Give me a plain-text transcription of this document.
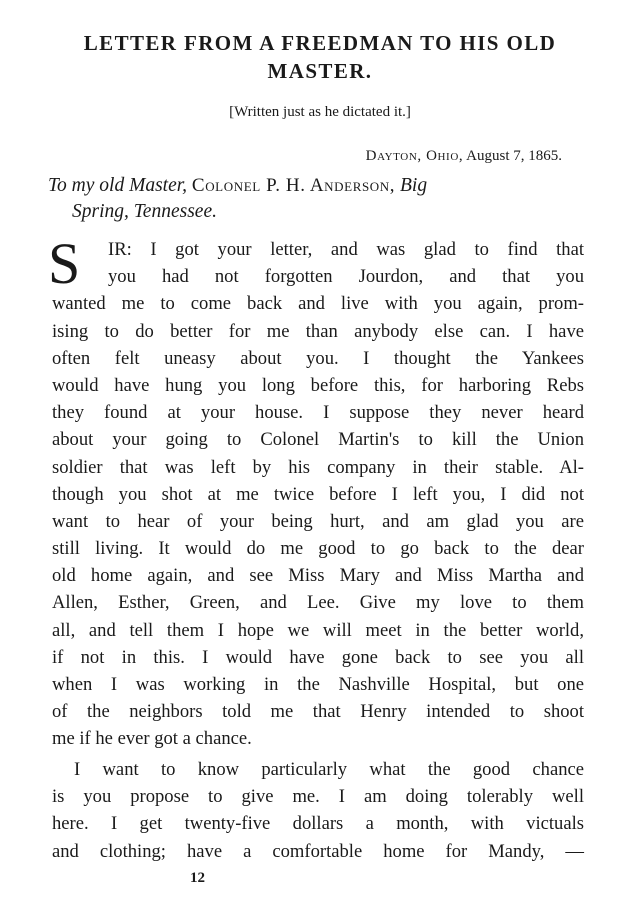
LETTER FROM A FREEDMAN TO HIS OLD
MASTER.

[Written just as he dictated it.]

Dayton, Ohio, August 7, 1865.
To my old Master, Colonel P. H. Anderson, Big
Spring, Tennessee.
S	IR: I got your letter, and was glad to find that
you had not forgotten Jourdon, and that you
wanted me to come back and live with you again, prom-
ising to do better for me than anybody else can. I have
often felt uneasy about you. I thought the Yankees
would have hung you long before this, for harboring Rebs
they found at your house. I suppose they never heard
about your going to Colonel Martin's to kill the Union
soldier that was left by his company in their stable. Al-
though you shot at me twice before I left you, I did not
want to hear of your being hurt, and am glad you are
still living. It would do me good to go back to the dear
old home again, and see Miss Mary and Miss Martha and
Allen, Esther, Green, and Lee. Give my love to them
all, and tell them I hope we will meet in the better world,
if not in this. I would have gone back to see you all
when I was working in the Nashville Hospital, but one
of the neighbors told me that Henry intended to shoot
me if he ever got a chance.
I want to know particularly what the good chance
is you propose to give me. I am doing tolerably well
here. I get twenty-five dollars a month, with victuals
and clothing; have a comfortable home for Mandy, —
12
